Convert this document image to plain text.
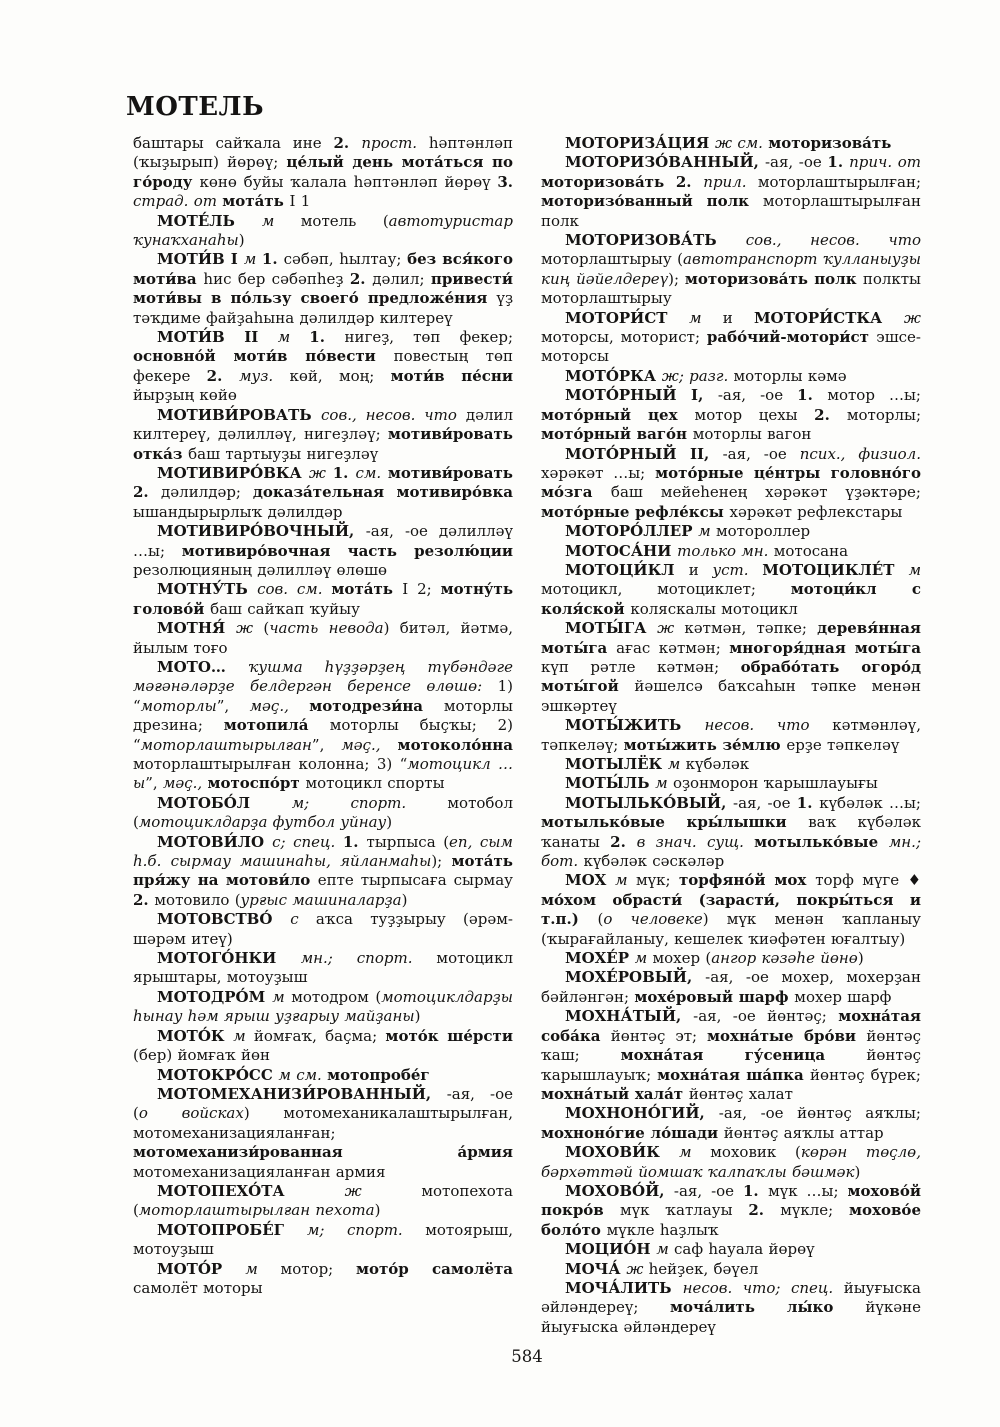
МОТЕЛЬ

баштары сайҡала ине 2. прост. һәптәнләп (ҡыҙырып) йөрөү; це́лый день мота́ться по го́роду көнө буйы ҡалала һәптәнләп йөрөү 3. страд. от мота́ть I 1

МОТЕ́ЛЬ м мотель (автотуристар ҡунаҡханаһы)

МОТИ́В I м 1. сәбәп, һылтау; без вся́кого моти́ва һис бер сәбәпһеҙ 2. дәлил; привести́ моти́вы в по́льзу своего́ предложе́ния үҙ тәҡдиме файҙаһына дәлилдәр килтереү

МОТИ́В II м 1. нигеҙ, төп фекер; основно́й моти́в по́вести повестың төп фекере 2. муз. көй, моң; моти́в пе́сни йырҙың көйө

МОТИВИ́РОВАТЬ сов., несов. что дәлил килтереү, дәлилләү, нигеҙләү; мотиви́ровать отка́з баш тартыуҙы нигеҙләү

МОТИВИРО́ВКА ж 1. см. мотиви́ровать 2. дәлилдәр; доказа́тельная мотивиро́вка ышандырырлыҡ дәлилдәр

МОТИВИРО́ВОЧНЫЙ, -ая, -ое дәлилләү …ы; мотивиро́вочная часть резолю́ции резолюцияның дәлилләү өлөшө

МОТНУ́ТЬ сов. см. мота́ть I 2; мотну́ть голово́й баш сайҡап ҡуйыу

МОТНЯ́ ж (часть невода) битәл, йәтмә, йылым тоғо

МОТО… ҡушма һүҙҙәрҙең түбәндәге мәғәнәләрҙе белдергән беренсе өлөшө: 1) “моторлы”, мәҫ., мотодрези́на моторлы дрезина; мотопила́ моторлы быҫҡы; 2) “моторлаштырылған”, мәҫ., мотоколо́нна моторлаштырылған колонна; 3) “мотоцикл …ы”, мәҫ., мотоспо́рт мотоцикл спорты

МОТОБО́Л м; спорт. мотобол (мотоциклдарҙа футбол уйнау)

МОТОВИ́ЛО с; спец. 1. тырпыса (еп, сым һ.б. сырмау машинаһы, яйланмаһы); мота́ть пря́жу на мотови́ло епте тырпысаға сырмау 2. мотовило (урғыс машиналарҙа)

МОТОВСТВО́ с аҡса туҙҙырыу (әрәм-шәрәм итеү)

МОТОГО́НКИ мн.; спорт. мотоцикл ярыштары, мотоуҙыш

МОТОДРО́М м мотодром (мотоциклдарҙы һынау һәм ярыш уҙғарыу майҙаны)

МОТО́К м йомғаҡ, баҫма; мото́к ше́рсти (бер) йомғаҡ йөн

МОТОКРО́СС м см. мотопробе́г

МОТОМЕХАНИЗИ́РОВАННЫЙ, -ая, -ое (о войсках) мотомеханикалаштырылған, мотомеханизацияланған; мотомеханизи́рованная а́рмия мотомеханизацияланған армия

МОТОПЕХО́ТА ж мотопехота (моторлаштырылған пехота)

МОТОПРОБЕ́Г м; спорт. мотоярыш, мотоуҙыш

МОТО́Р м мотор; мото́р самолёта самолёт моторы

МОТОРИЗА́ЦИЯ ж см. моторизова́ть

МОТОРИЗО́ВАННЫЙ, -ая, -ое 1. прич. от моторизова́ть 2. прил. моторлаштырылған; моторизо́ванный полк моторлаштырылған полк

МОТОРИЗОВА́ТЬ сов., несов. что моторлаштырыу (автотранспорт ҡулланыуҙы киң йәйелдереү); моторизова́ть полк полкты моторлаштырыу

МОТОРИ́СТ м и МОТОРИ́СТКА ж моторсы, моторист; рабо́чий-мотори́ст эшсе-моторсы

МОТО́РКА ж; разг. моторлы кәмә

МОТО́РНЫЙ I, -ая, -ое 1. мотор …ы; мото́рный цех мотор цехы 2. моторлы; мото́рный ваго́н моторлы вагон

МОТО́РНЫЙ II, -ая, -ое псих., физиол. хәрәкәт …ы; мото́рные це́нтры головно́го мо́зга баш мейеһенең хәрәкәт үҙәктәре; мото́рные рефле́ксы хәрәкәт рефлекстары

МОТОРО́ЛЛЕР м мотороллер

МОТОСА́НИ только мн. мотосана

МОТОЦИ́КЛ и уст. МОТОЦИКЛЕ́Т м мотоцикл, мотоциклет; мотоци́кл с коля́ской коляскалы мотоцикл

МОТЫ́ГА ж кәтмән, тәпке; деревя́нная моты́га ағас кәтмән; многоря́дная моты́га күп рәтле кәтмән; обрабо́тать огоро́д моты́гой йәшелсә баҡсаһын тәпке менән эшкәртеү

МОТЫ́ЖИТЬ несов. что кәтмәнләү, тәпкеләү; моты́жить зе́млю ерҙе тәпкеләү

МОТЫЛЁК м күбәләк

МОТЫ́ЛЬ м оҙонморон ҡарышлауығы

МОТЫЛЬКО́ВЫЙ, -ая, -ое 1. күбәләк …ы; мотылько́вые кры́лышки ваҡ күбәләк ҡанаты 2. в знач. сущ. мотылько́вые мн.; бот. күбәләк сәскәләр

МОХ м мүк; торфяно́й мох торф мүге ♦ мо́хом обрасти́ (зарасти́, покры́ться и т.п.) (о человеке) мүк менән ҡапланыу (ҡырағайланыу, кешелек ҡиәфәтен юғалтыу)

МОХЕ́Р м мохер (ангор кәзәһе йөнө)

МОХЕ́РОВЫЙ, -ая, -ое мохер, мохерҙан бәйләнгән; мохе́ровый шарф мохер шарф

МОХНА́ТЫЙ, -ая, -ое йөнтәҫ; мохна́тая соба́ка йөнтәҫ эт; мохна́тые бро́ви йөнтәҫ ҡаш; мохна́тая гу́сеница йөнтәҫ ҡарышлауыҡ; мохна́тая ша́пка йөнтәҫ бүрек; мохна́тый хала́т йөнтәҫ халат

МОХНОНО́ГИЙ, -ая, -ое йөнтәҫ аяҡлы; мохноно́гие ло́шади йөнтәҫ аяҡлы аттар

МОХОВИ́К м моховик (көрән төҫлө, бәрхәттәй йомшаҡ ҡалпаҡлы бәшмәк)

МОХОВО́Й, -ая, -ое 1. мүк …ы; мохово́й покро́в мүк ҡатлауы 2. мүкле; мохово́е боло́то мүкле һаҙлыҡ

МОЦИО́Н м саф һауала йөрөү

МОЧА́ ж һейҙек, бәүел

МОЧА́ЛИТЬ несов. что; спец. йыуғыска әйләндереү; моча́лить лы́ко йүкәне йыуғыска әйләндереү

584
